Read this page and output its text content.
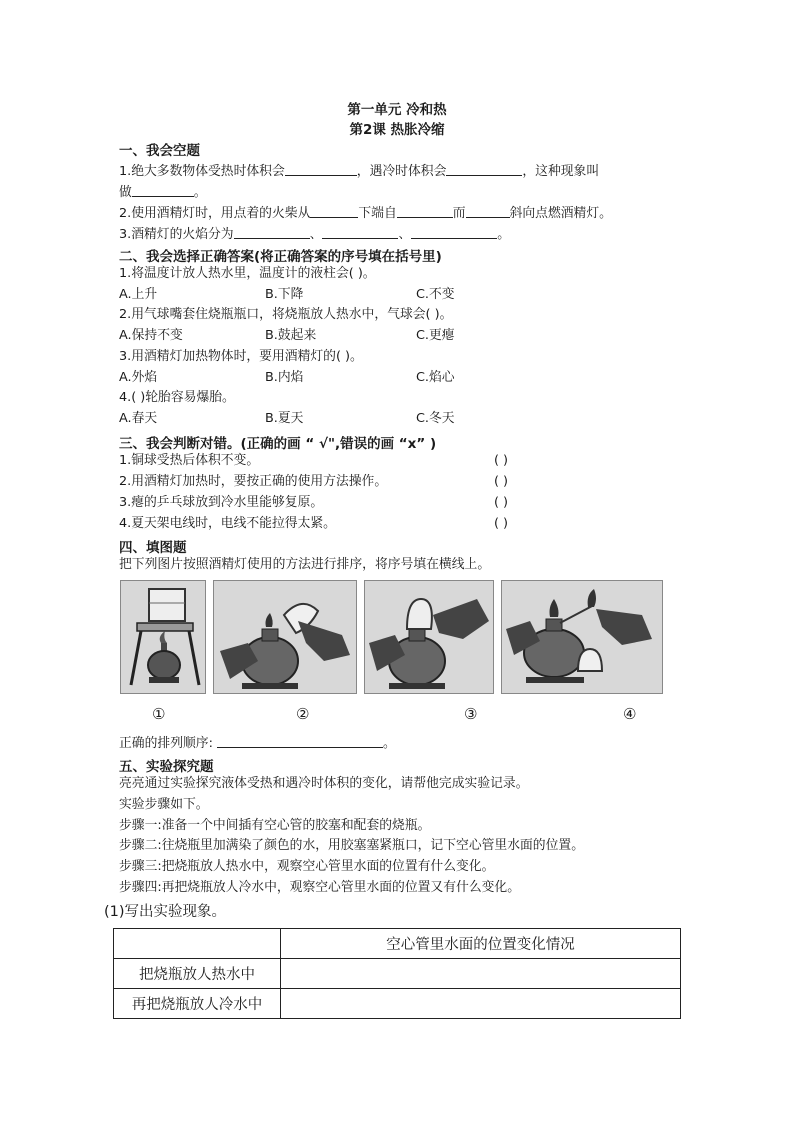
第一单元 冷和热
第2课 热胀冷缩
一、我会空题
1.绝大多数物体受热时体积会	，遇冷时体积会	，这种现象叫
做	。
2.使用酒精灯时，用点着的火柴从	下端自	而	斜向点燃酒精灯。
3.酒精灯的火焰分为	、	、	。
二、我会选择正确答案(将正确答案的序号填在括号里)
1.将温度计放人热水里，温度计的液柱会( )。
A.上升	B.下降	C.不变
2.用气球嘴套住烧瓶瓶口，将烧瓶放人热水中，气球会( )。
A.保持不变	B.鼓起来	C.更瘪
3.用酒精灯加热物体时，要用酒精灯的( )。
A.外焰	B.内焰	C.焰心
4.( )轮胎容易爆胎。
A.春天	B.夏天	C.冬天
三、我会判断对错。(正确的画 “ √",错误的画 “x” )
1.铜球受热后体积不变。	( )
2.用酒精灯加热时，要按正确的使用方法操作。	( )
3.瘪的乒乓球放到冷水里能够复原。	( )
4.夏天架电线时，电线不能拉得太紧。	( )
四、填图题
把下列图片按照酒精灯使用的方法进行排序，将序号填在横线上。
①	②	③	④
正确的排列顺序:	。
五、实验探究题
亮亮通过实验探究液体受热和遇冷时体积的变化，请帮他完成实验记录。
实验步骤如下。
步骤一:准备一个中间插有空心管的胶塞和配套的烧瓶。
步骤二:往烧瓶里加满染了颜色的水，用胶塞塞紧瓶口，记下空心管里水面的位置。
步骤三:把烧瓶放人热水中，观察空心管里水面的位置有什么变化。
步骤四:再把烧瓶放人冷水中，观察空心管里水面的位置又有什么变化。
(1)写出实验现象。
	空心管里水面的位置变化情况
把烧瓶放人热水中	
再把烧瓶放人冷水中	
